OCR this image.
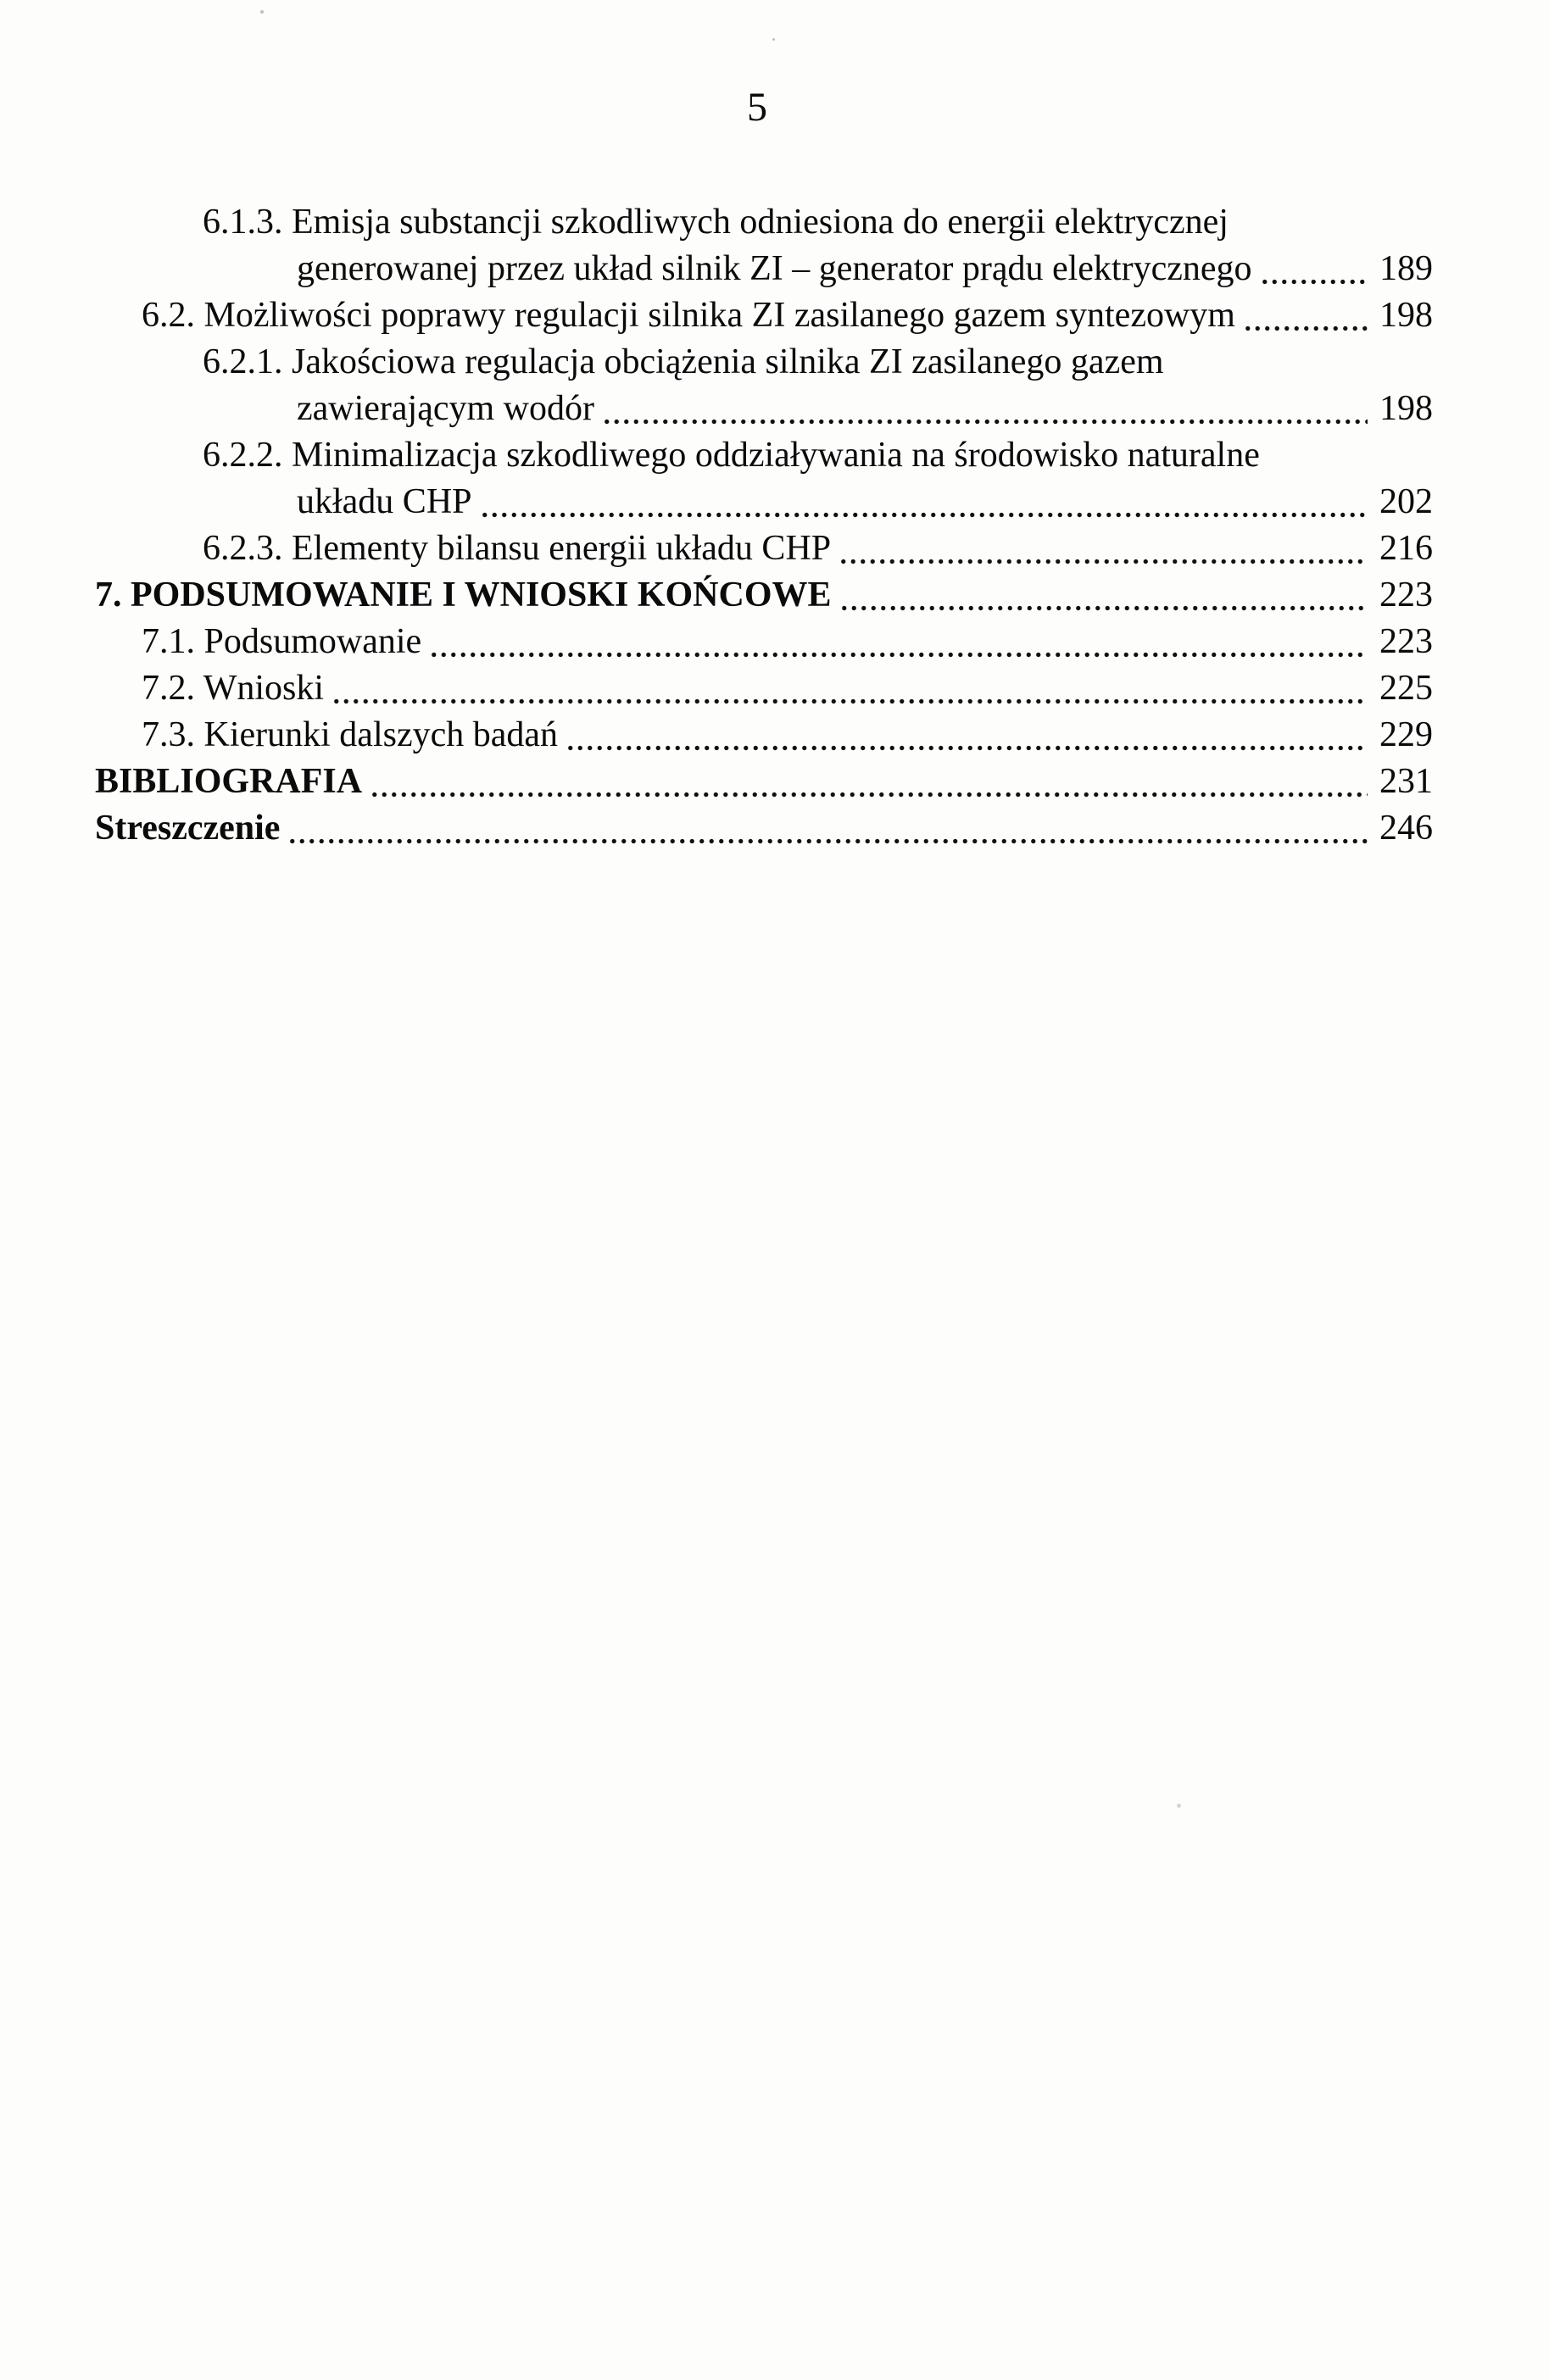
5
6.1.3. Emisja substancji szkodliwych odniesiona do energii elektrycznej
generowanej przez układ silnik ZI – generator prądu elektrycznego	189
6.2. Możliwości poprawy regulacji silnika ZI zasilanego gazem syntezowym	198
6.2.1. Jakościowa regulacja obciążenia silnika ZI zasilanego gazem
zawierającym wodór	198
6.2.2. Minimalizacja szkodliwego oddziaływania na środowisko naturalne
układu CHP	202
6.2.3. Elementy bilansu energii układu CHP	216
7. PODSUMOWANIE I WNIOSKI KOŃCOWE	223
7.1. Podsumowanie	223
7.2. Wnioski	225
7.3. Kierunki dalszych badań	229
BIBLIOGRAFIA	231
Streszczenie	246
